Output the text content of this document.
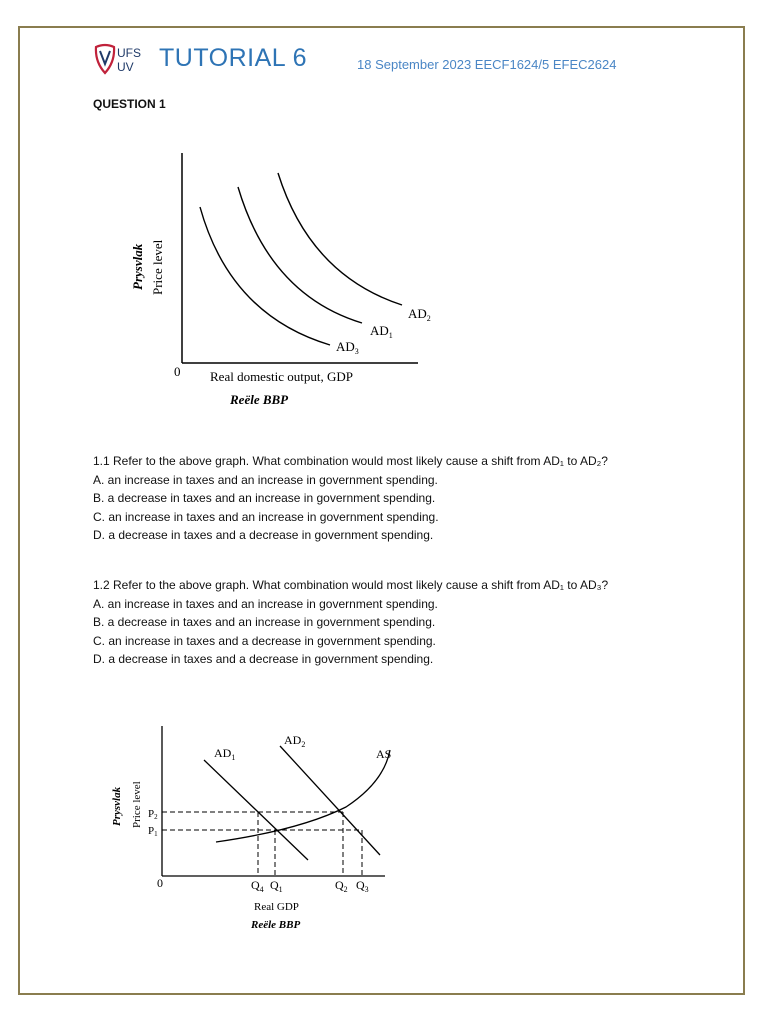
UFS
UV TUTORIAL 6	18 September 2023 EECF1624/5 EFEC2624
QUESTION 1
$AD_2$
$AD_1$
$AD_3$
0 Real domestic output, GDP
Reële BBP
Prysvlak Price level

1.1 Refer to the above graph. What combination would most likely cause a shift from AD₁ to AD₂?

A. an increase in taxes and an increase in government spending.

B. a decrease in taxes and an increase in government spending.

C. an increase in taxes and an increase in government spending.

D. a decrease in taxes and a decrease in government spending.

1.2 Refer to the above graph. What combination would most likely cause a shift from AD₁ to AD₃?

A. an increase in taxes and an increase in government spending.

B. a decrease in taxes and an increase in government spending.

C. an increase in taxes and a decrease in government spending.

D. a decrease in taxes and a decrease in government spending.

$AD_1$
$AD_2$
AS
P2
P1
0	$Q_4$ $Q_1$	$Q_2$ $Q_3$
Real GDP
Reële BBP
Prysvlak Price level
